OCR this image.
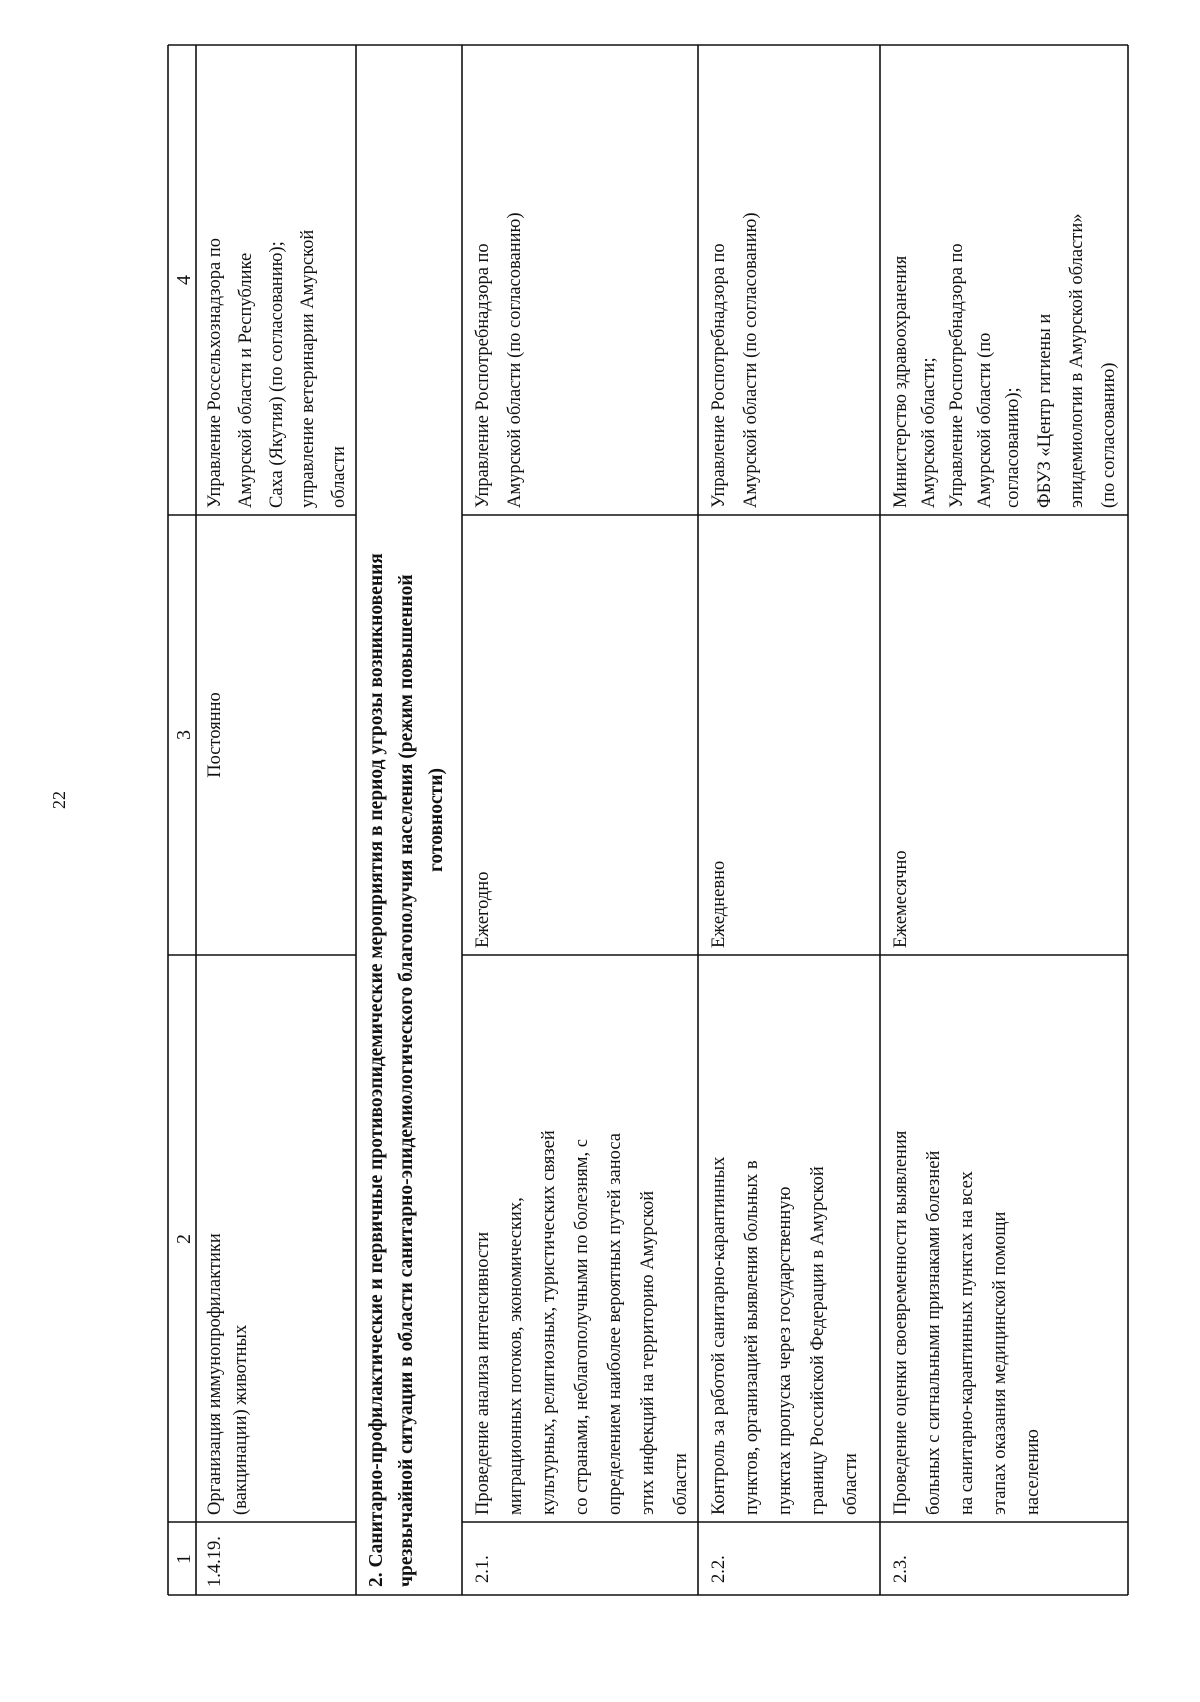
22
1
2
3
4
1.4.19.
Организация иммунопрофилактики (вакцинации) животных
Постоянно
Управление Россельхознадзора по Амурской области и Республике Саха (Якутия) (по согласованию); управление ветеринарии Амурской области
2. Санитарно-профилактические и первичные противоэпидемические мероприятия в период угрозы возникновения чрезвычайной ситуации в области санитарно-эпидемиологического благополучия населения (режим повышенной готовности)
2.1.
Проведение анализа интенсивности миграционных потоков, экономических, культурных, религиозных, туристических связей со странами, неблагополучными по болезням, с определением наиболее вероятных путей заноса этих инфекций на территорию Амурской области
Ежегодно
Управление Роспотребнадзора по Амурской области (по согласованию)
2.2.
Контроль за работой санитарно-карантинных пунктов, организацией выявления больных в пунктах пропуска через государственную границу Российской Федерации в Амурской области
Ежедневно
Управление Роспотребнадзора по Амурской области (по согласованию)
2.3.
Проведение оценки своевременности выявления больных с сигнальными признаками болезней на санитарно-карантинных пунктах на всех этапах оказания медицинской помощи населению
Ежемесячно
Министерство здравоохранения Амурской области; Управление Роспотребнадзора по Амурской области (по согласованию); ФБУЗ «Центр гигиены и эпидемиологии в Амурской области» (по согласованию)
